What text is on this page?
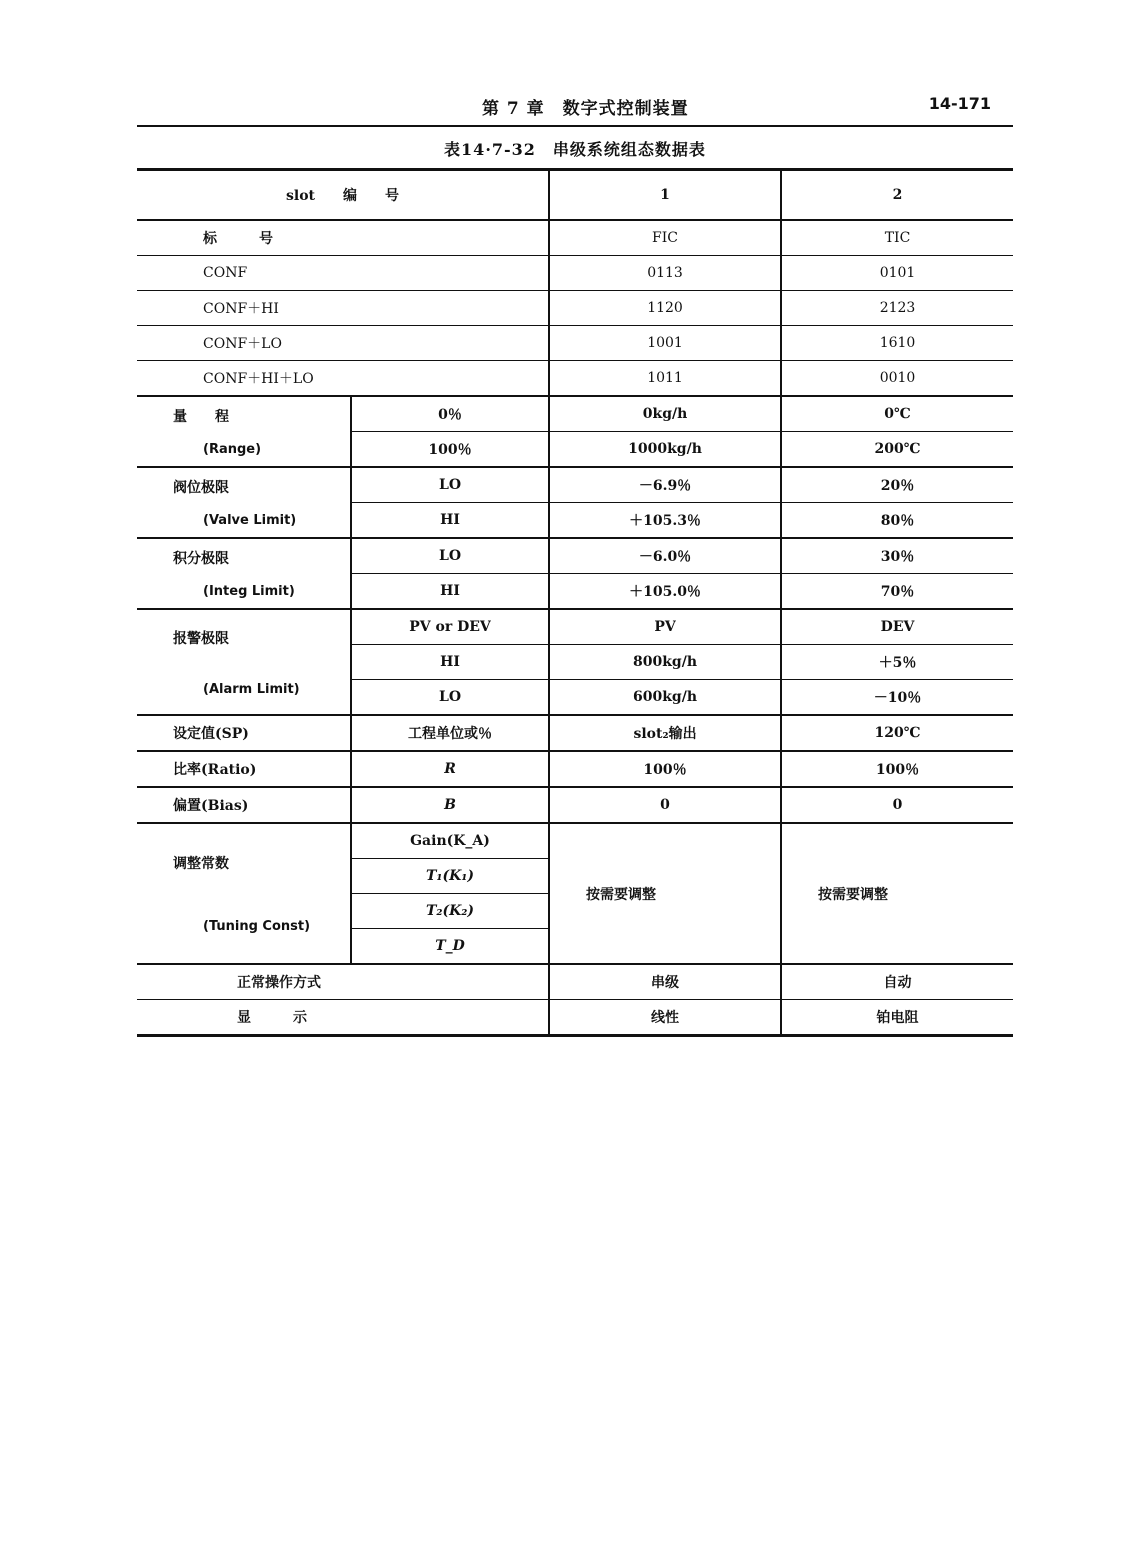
第 7 章　数字式控制装置	14-171
表14·7-32　串级系统组态数据表
slot　　编　　号		1	2
标　　　号		FIC	TIC
CONF		0113	0101
CONF＋HI		1120	2123
CONF＋LO		1001	1610
CONF＋HI＋LO		1011	0010

量　　程
(Range)	0％	0kg/h	0℃
	100％	1000kg/h	200℃

阀位极限
(Valve Limit)	LO	－6.9％	20％
	HI	＋105.3％	80％

积分极限
(Integ Limit)	LO	－6.0％	30％
	HI	＋105.0％	70％

报警极限
(Alarm Limit)	PV or DEV	PV	DEV
	HI	800kg/h	＋5％
	LO	600kg/h	－10％
设定值(SP)	工程单位或％	slot₂输出	120℃
比率(Ratio)	R	100％	100％
偏置(Bias)	B	0	0

调整常数
(Tuning Const)	Gain(K_A)	按需要调整	按需要调整
	T₁(K₁)		
	T₂(K₂)		
	T_D		
正常操作方式		串级	自动
显　　　示		线性	铂电阻
